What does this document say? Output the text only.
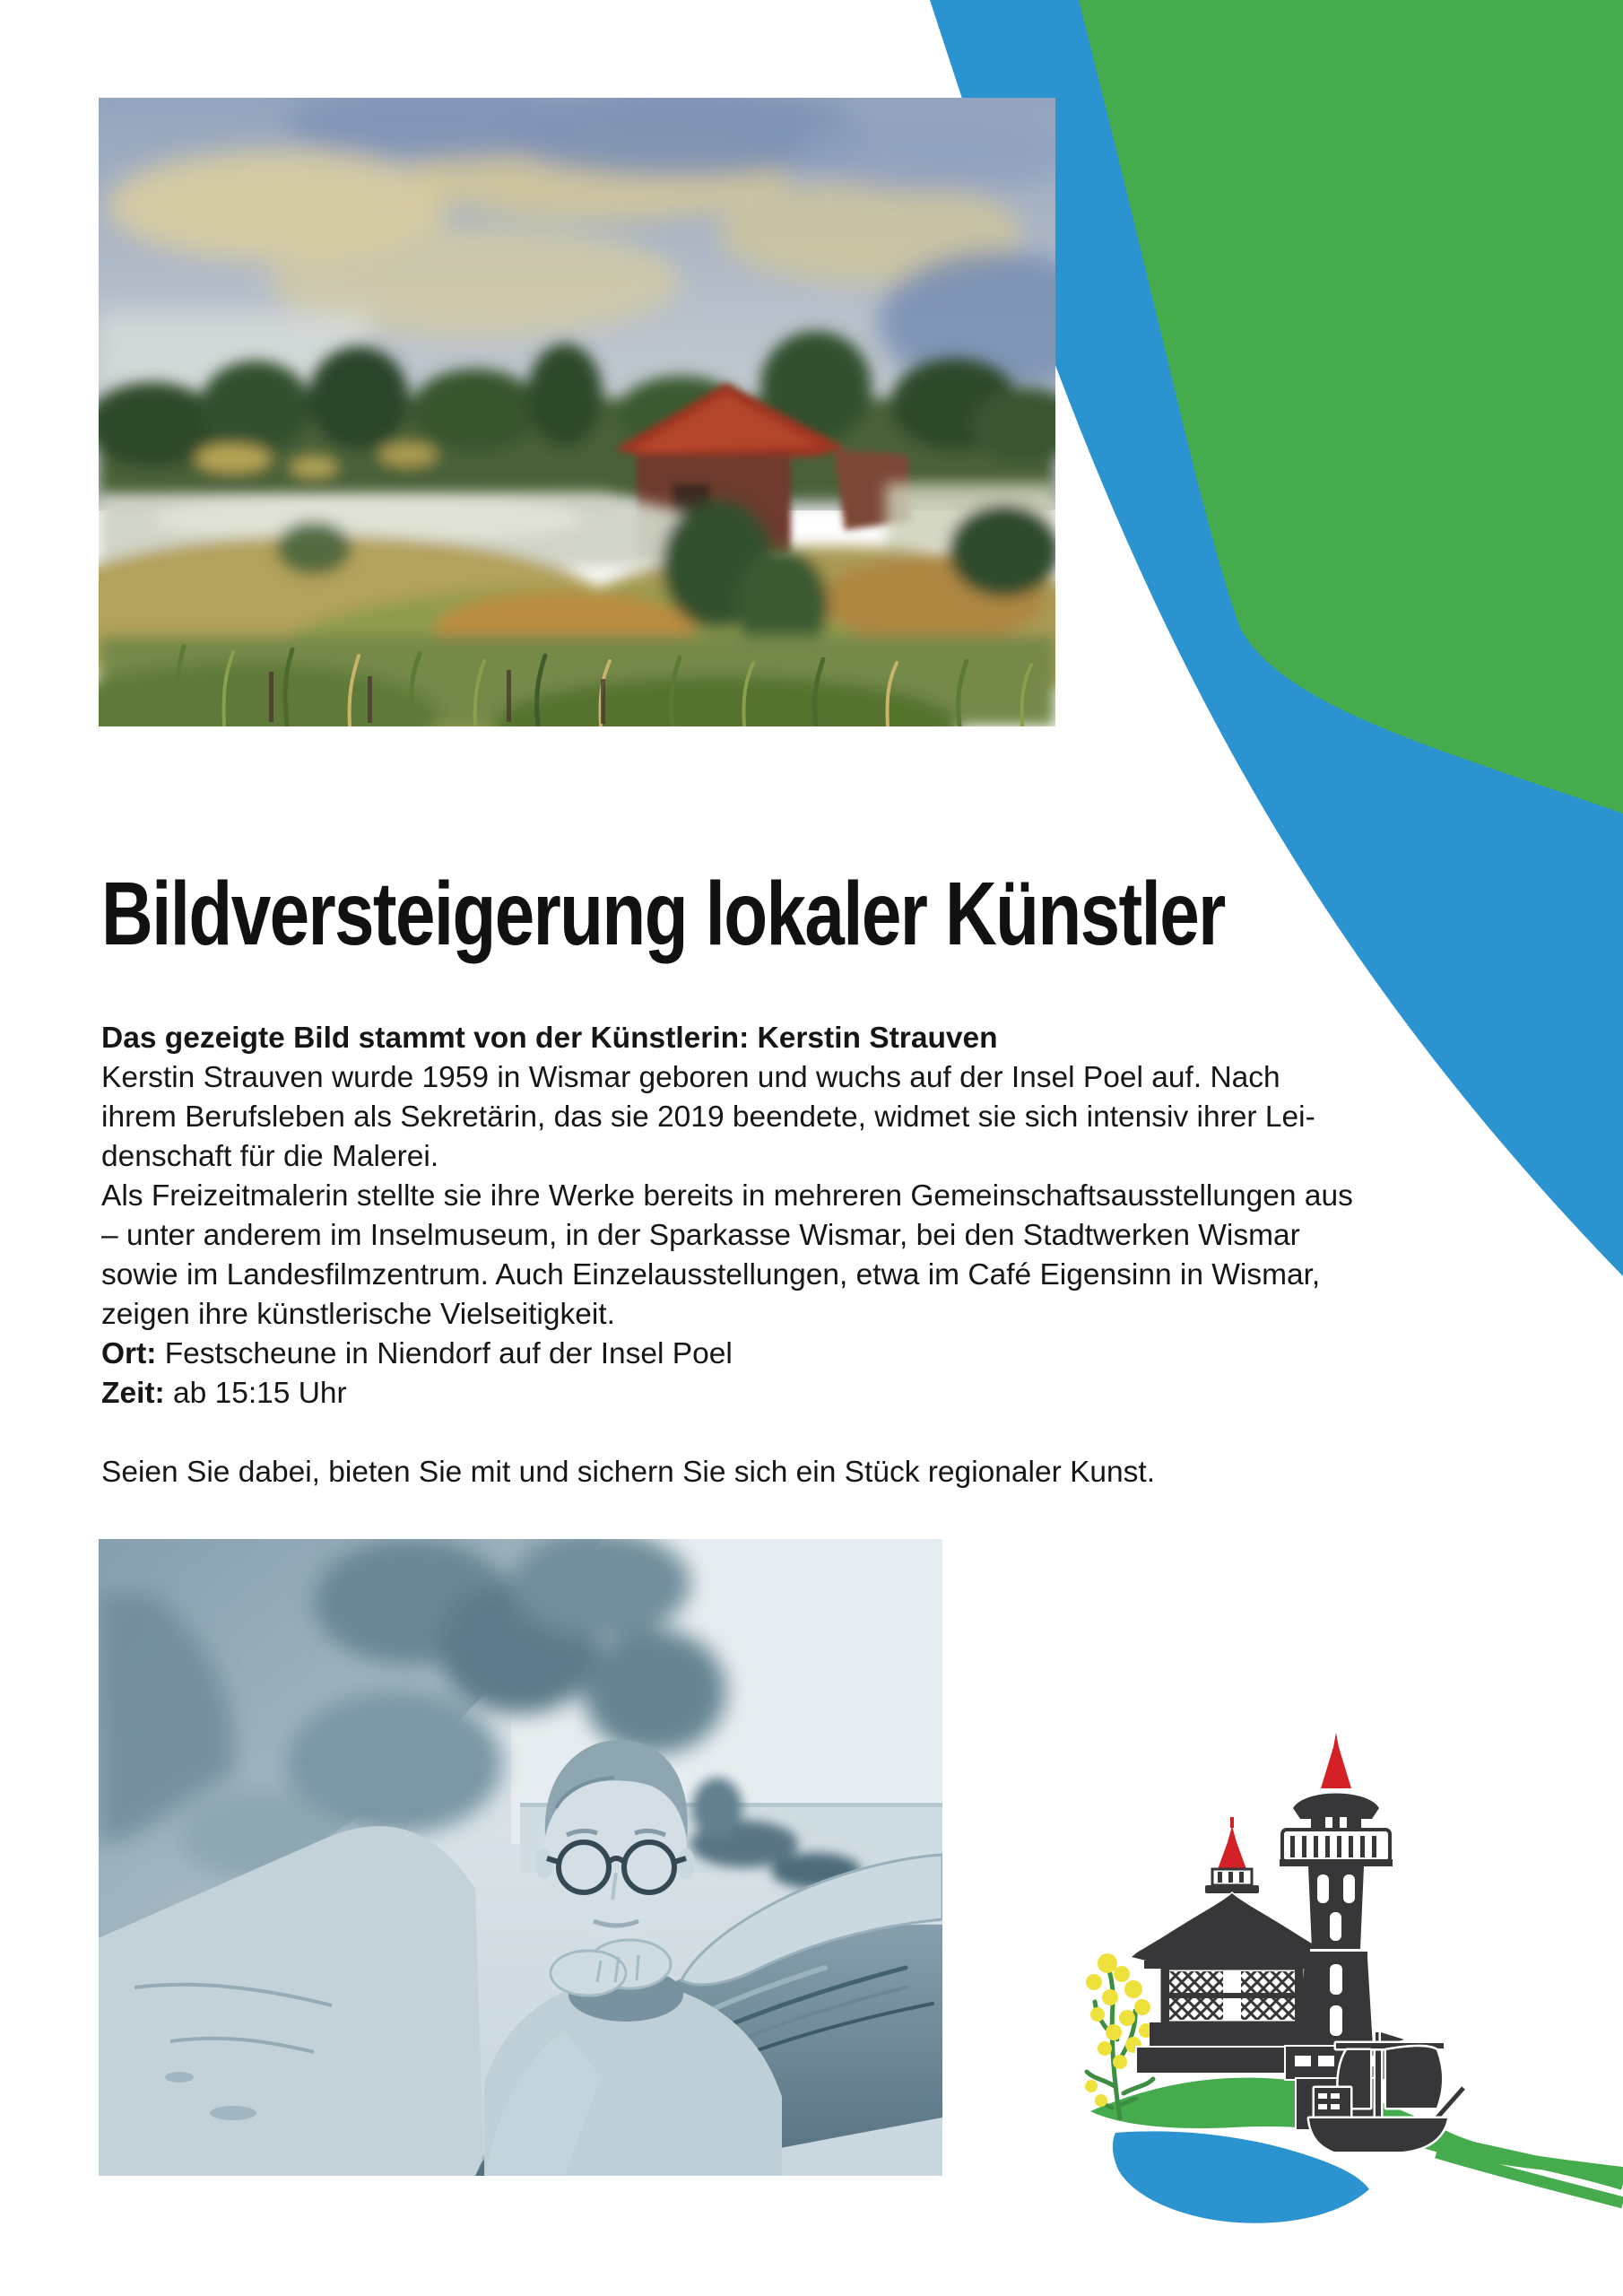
Bildversteigerung lokaler Künstler
Das gezeigte Bild stammt von der Künstlerin: Kerstin Strauven
Kerstin Strauven wurde 1959 in Wismar geboren und wuchs auf der Insel Poel auf. Nach
ihrem Berufsleben als Sekretärin, das sie 2019 beendete, widmet sie sich intensiv ihrer Lei-
denschaft für die Malerei.
Als Freizeitmalerin stellte sie ihre Werke bereits in mehreren Gemeinschaftsausstellungen aus
– unter anderem im Inselmuseum, in der Sparkasse Wismar, bei den Stadtwerken Wismar
sowie im Landesfilmzentrum. Auch Einzelausstellungen, etwa im Café Eigensinn in Wismar,
zeigen ihre künstlerische Vielseitigkeit.
Ort: Festscheune in Niendorf auf der Insel Poel
Zeit: ab 15:15 Uhr

Seien Sie dabei, bieten Sie mit und sichern Sie sich ein Stück regionaler Kunst.
